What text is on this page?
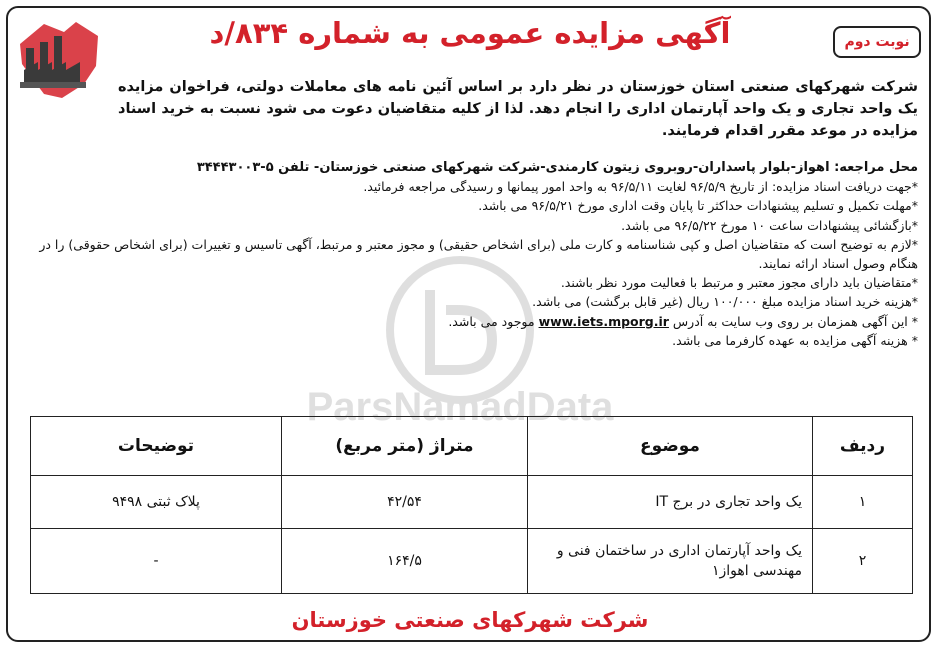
نوبت دوم
آگهی مزایده عمومی به شماره ۸۳۴/د
شرکت شهرکهای صنعتی استان خوزستان در نظر دارد بر اساس آئین نامه های معاملات دولتی، فراخوان مزایده یک واحد تجاری و یک واحد آپارتمان اداری را انجام دهد. لذا از کلیه متقاضیان دعوت می شود نسبت به خرید اسناد مزایده در موعد مقرر اقدام فرمایند.
ParsNamadData
محل مراجعه: اهواز-بلوار پاسداران-روبروی زیتون کارمندی-شرکت شهرکهای صنعتی خوزستان- تلفن ۵-۳۴۴۴۳۰۰۳
*جهت دریافت اسناد مزایده: از تاریخ ۹۶/۵/۹ لغایت ۹۶/۵/۱۱ به واحد امور پیمانها و رسیدگی مراجعه فرمائید.
*مهلت تکمیل و تسلیم پیشنهادات حداکثر تا پایان وقت اداری مورخ ۹۶/۵/۲۱ می باشد.
*بازگشائی پیشنهادات ساعت ۱۰ مورخ ۹۶/۵/۲۲ می باشد.
*لازم به توضیح است که متقاضیان اصل و کپی شناسنامه و کارت ملی (برای اشخاص حقیقی) و مجوز معتبر و مرتبط، آگهی تاسیس و تغییرات (برای اشخاص حقوقی) را در هنگام وصول اسناد ارائه نمایند.
*متقاضیان باید دارای مجوز معتبر و مرتبط با فعالیت مورد نظر باشند.
*هزینه خرید اسناد مزایده مبلغ ۱۰۰/۰۰۰ ریال (غیر قابل برگشت) می باشد.
* این آگهی همزمان بر روی وب سایت به آدرس www.iets.mporg.ir موجود می باشد.
* هزینه آگهی مزایده به عهده کارفرما می باشد.
ردیف	موضوع	متراژ (متر مربع)	توضیحات
۱	یک واحد تجاری در برج IT	۴۲/۵۴	پلاک ثبتی ۹۴۹۸
۲	یک واحد آپارتمان اداری در ساختمان فنی و مهندسی اهواز۱	۱۶۴/۵	-
شرکت شهرکهای صنعتی خوزستان
